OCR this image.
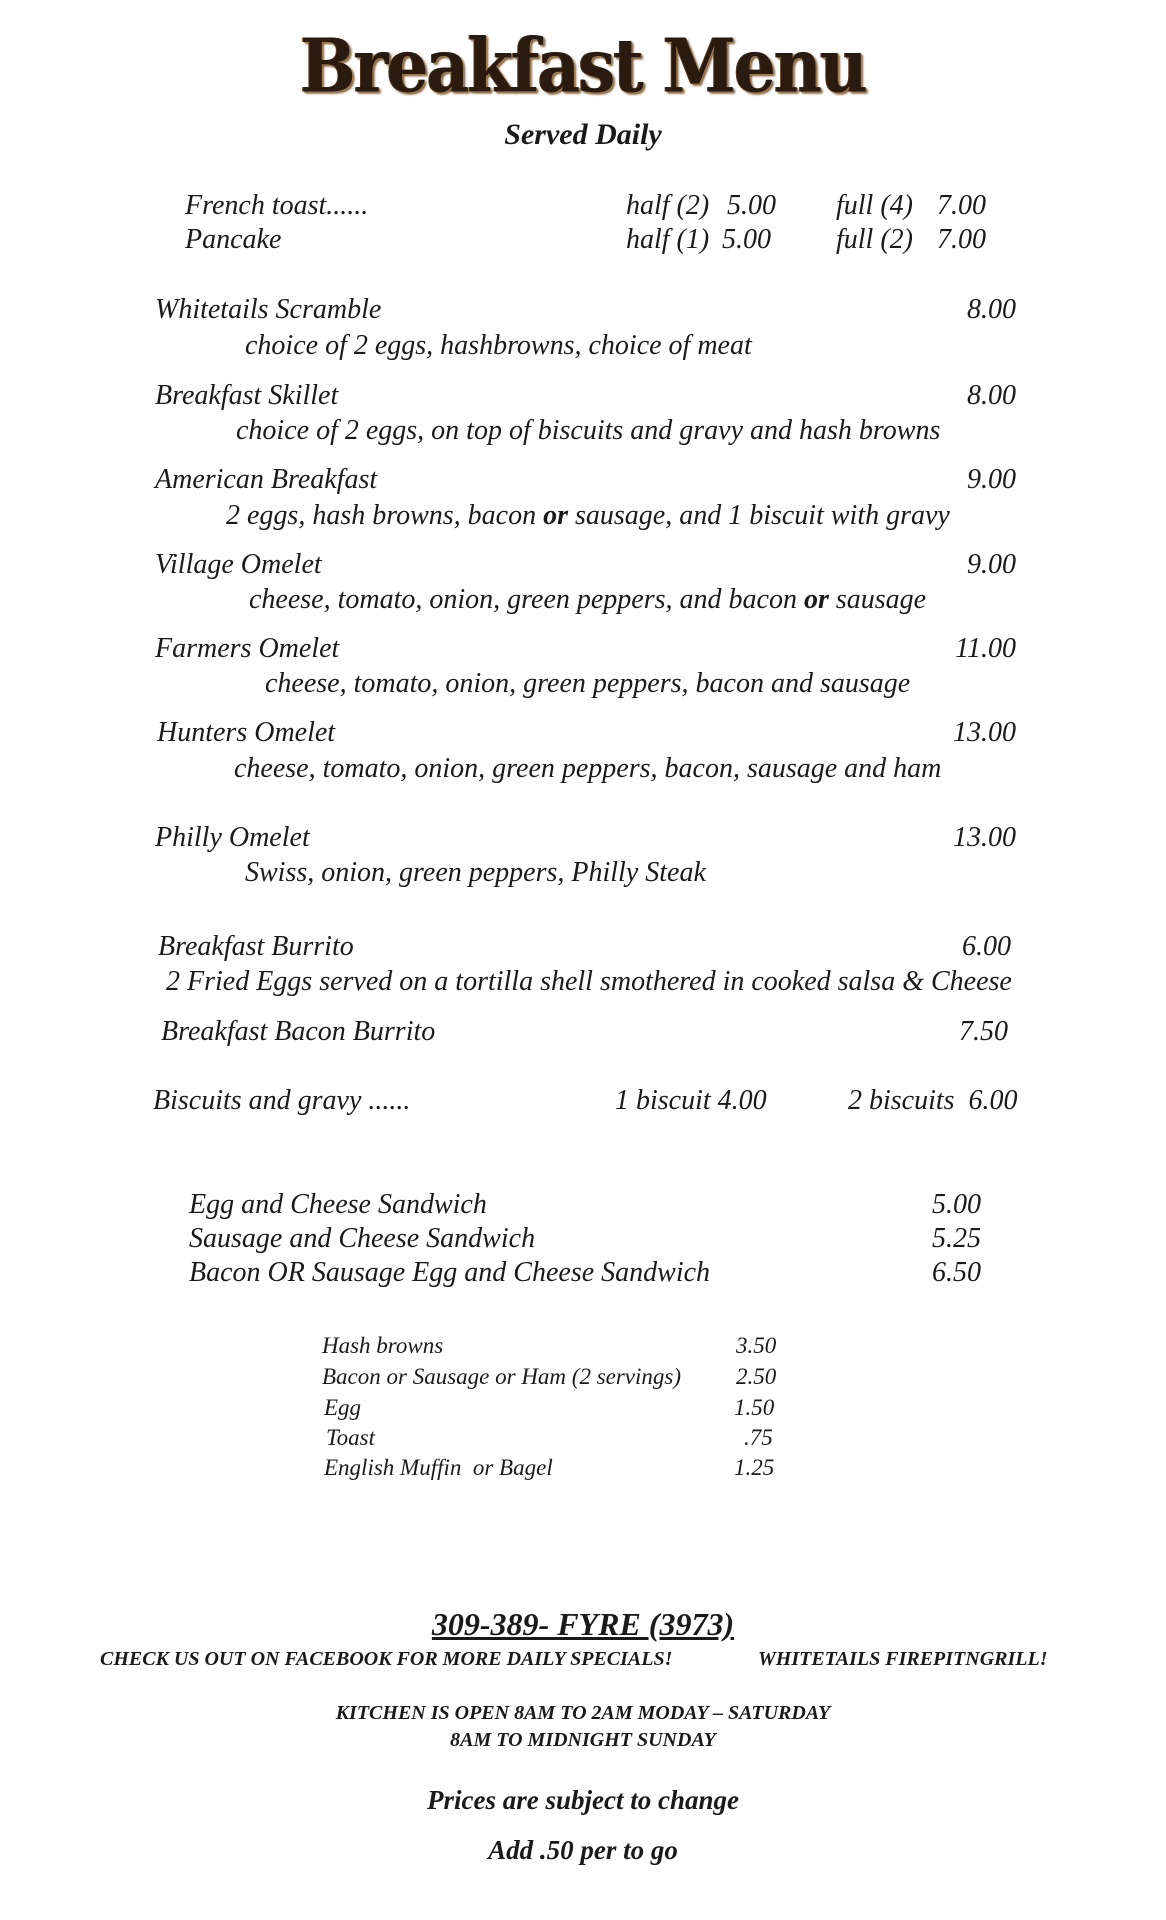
Breakfast Menu
Served Daily
French toast......	half (2) 5.00 full (4) 7.00
Pancake	half (1) 5.00 full (2) 7.00
Whitetails Scramble	8.00
choice of 2 eggs, hashbrowns, choice of meat
Breakfast Skillet	8.00
choice of 2 eggs, on top of biscuits and gravy and hash browns
American Breakfast	9.00
2 eggs, hash browns, bacon or sausage, and 1 biscuit with gravy
Village Omelet	9.00
cheese, tomato, onion, green peppers, and bacon or sausage
Farmers Omelet	11.00
cheese, tomato, onion, green peppers, bacon and sausage
Hunters Omelet	13.00
cheese, tomato, onion, green peppers, bacon, sausage and ham
Philly Omelet	13.00
Swiss, onion, green peppers, Philly Steak
Breakfast Burrito	6.00
2 Fried Eggs served on a tortilla shell smothered in cooked salsa & Cheese
Breakfast Bacon Burrito	7.50
Biscuits and gravy ......	1 biscuit 4.00	2 biscuits  6.00
Egg and Cheese Sandwich	5.00
Sausage and Cheese Sandwich	5.25
Bacon OR Sausage Egg and Cheese Sandwich	6.50
Hash browns	3.50
Bacon or Sausage or Ham (2 servings) 2.50
Egg	1.50
Toast	.75
English Muffin  or Bagel	1.25
309-389- FYRE (3973)
CHECK US OUT ON FACEBOOK FOR MORE DAILY SPECIALS!	WHITETAILS FIREPITNGRILL!
KITCHEN IS OPEN 8AM TO 2AM MODAY – SATURDAY
8AM TO MIDNIGHT SUNDAY
Prices are subject to change
Add .50 per to go
